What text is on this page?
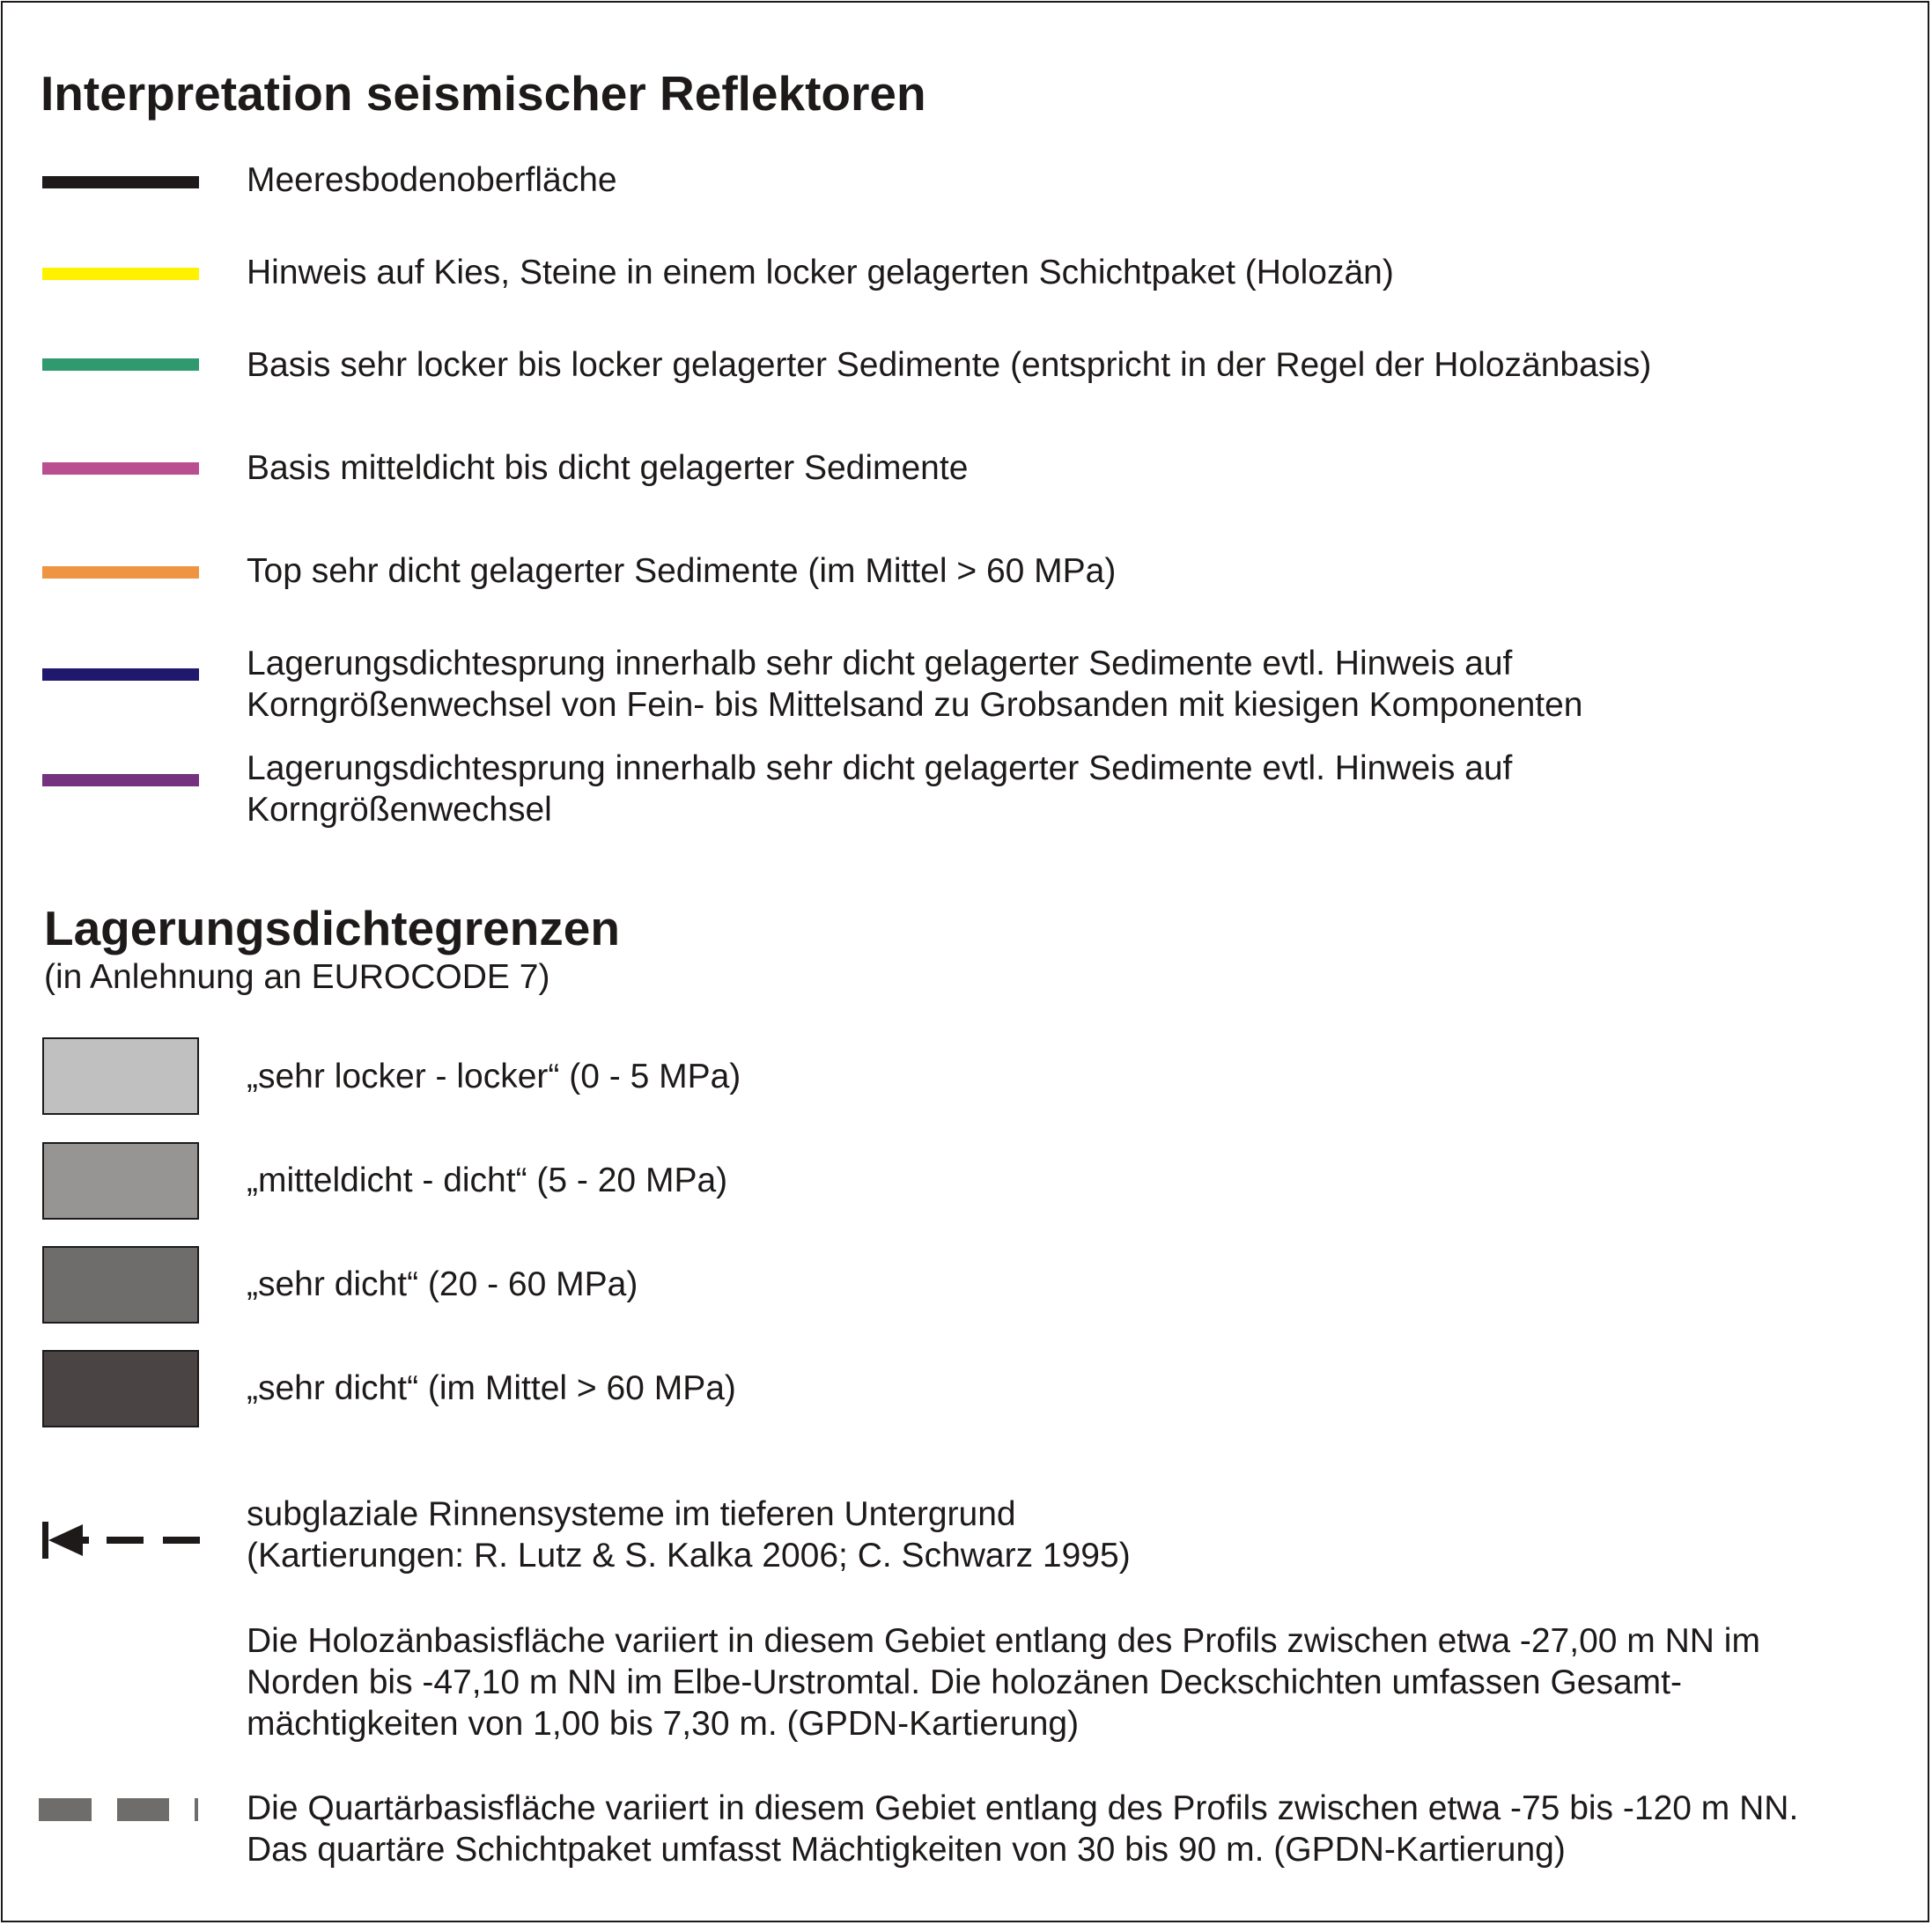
Interpretation seismischer Reflektoren
Meeresbodenoberfläche
Hinweis auf Kies, Steine in einem locker gelagerten Schichtpaket (Holozän)
Basis sehr locker bis locker gelagerter Sedimente (entspricht in der Regel der Holozänbasis)
Basis mitteldicht bis dicht gelagerter Sedimente
Top sehr dicht gelagerter Sedimente (im Mittel > 60 MPa)
Lagerungsdichtesprung innerhalb sehr dicht gelagerter Sedimente evtl. Hinweis auf
Korngrößenwechsel von Fein- bis Mittelsand zu Grobsanden mit kiesigen Komponenten
Lagerungsdichtesprung innerhalb sehr dicht gelagerter Sedimente evtl. Hinweis auf
Korngrößenwechsel
Lagerungsdichtegrenzen
(in Anlehnung an EUROCODE 7)
„sehr locker - locker“ (0 - 5 MPa)
„mitteldicht - dicht“ (5 - 20 MPa)
„sehr dicht“ (20 - 60 MPa)
„sehr dicht“ (im Mittel > 60 MPa)
subglaziale Rinnensysteme im tieferen Untergrund
(Kartierungen: R. Lutz & S. Kalka 2006; C. Schwarz 1995)
Die Holozänbasisfläche variiert in diesem Gebiet entlang des Profils zwischen etwa -27,00 m NN im
Norden bis -47,10 m NN im Elbe-Urstromtal. Die holozänen Deckschichten umfassen Gesamt-
mächtigkeiten von 1,00 bis 7,30 m. (GPDN-Kartierung)
Die Quartärbasisfläche variiert in diesem Gebiet entlang des Profils zwischen etwa -75 bis -120 m NN.
Das quartäre Schichtpaket umfasst Mächtigkeiten von 30 bis 90 m. (GPDN-Kartierung)
